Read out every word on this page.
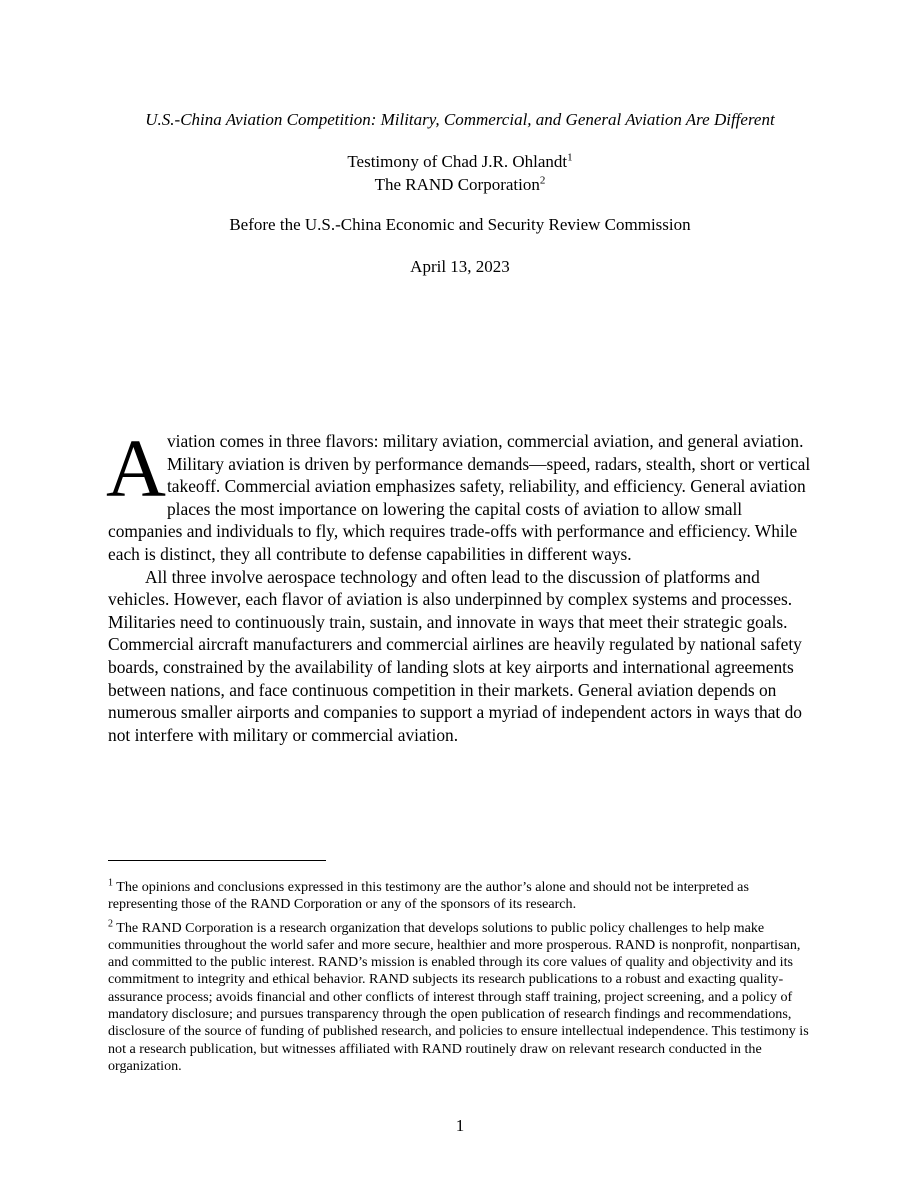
U.S.-China Aviation Competition: Military, Commercial, and General Aviation Are Different
Testimony of Chad J.R. Ohlandt$^1$
The RAND Corporation$^2$
Before the U.S.-China Economic and Security Review Commission
April 13, 2023

Aviation comes in three flavors: military aviation, commercial aviation, and general aviation. Military aviation is driven by performance demands—speed, radars, stealth, short or vertical takeoff. Commercial aviation emphasizes safety, reliability, and efficiency. General aviation places the most importance on lowering the capital costs of aviation to allow small companies and individuals to fly, which requires trade-offs with performance and efficiency. While each is distinct, they all contribute to defense capabilities in different ways.

All three involve aerospace technology and often lead to the discussion of platforms and vehicles. However, each flavor of aviation is also underpinned by complex systems and processes. Militaries need to continuously train, sustain, and innovate in ways that meet their strategic goals. Commercial aircraft manufacturers and commercial airlines are heavily regulated by national safety boards, constrained by the availability of landing slots at key airports and international agreements between nations, and face continuous competition in their markets. General aviation depends on numerous smaller airports and companies to support a myriad of independent actors in ways that do not interfere with military or commercial aviation.

$^1$ The opinions and conclusions expressed in this testimony are the author’s alone and should not be interpreted as representing those of the RAND Corporation or any of the sponsors of its research.

$^2$ The RAND Corporation is a research organization that develops solutions to public policy challenges to help make communities throughout the world safer and more secure, healthier and more prosperous. RAND is nonprofit, nonpartisan, and committed to the public interest. RAND’s mission is enabled through its core values of quality and objectivity and its commitment to integrity and ethical behavior. RAND subjects its research publications to a robust and exacting quality-assurance process; avoids financial and other conflicts of interest through staff training, project screening, and a policy of mandatory disclosure; and pursues transparency through the open publication of research findings and recommendations, disclosure of the source of funding of published research, and policies to ensure intellectual independence. This testimony is not a research publication, but witnesses affiliated with RAND routinely draw on relevant research conducted in the organization.

1
